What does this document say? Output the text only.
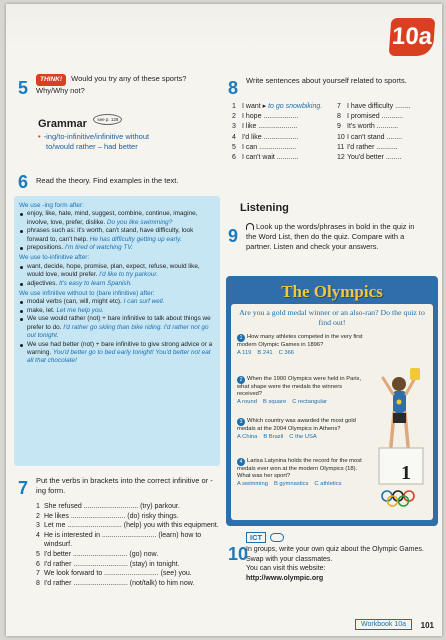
10a
5	THINK! Would you try any of these sports? Why/Why not?
Grammar see p. 128
• -ing/to-infinitive/infinitive without
to/would rather – had better
6 Read the theory. Find examples in the text.
We use -ing form after:
enjoy, like, hate, mind, suggest, combine, continue, imagine, involve, love, prefer, dislike. Do you like swimming?
phrases such as: it's worth, can't stand, have difficulty, look forward to, can't help. He has difficulty getting up early.
prepositions. I'm tired of watching TV.
We use to-infinitive after:
want, decide, hope, promise, plan, expect, refuse, would like, would love, would prefer. I'd like to try parkour.
adjectives. It's easy to learn Spanish.
We use infinitive without to (bare infinitive) after:
modal verbs (can, will, might etc). I can surf well.
make, let. Let me help you.
We use would rather (not) + bare infinitive to talk about things we prefer to do. I'd rather go skiing than bike riding. I'd rather not go out tonight.
We use had better (not) + bare infinitive to give strong advice or a warning. You'd better go to bed early tonight! You'd better not eat all that chocolate!
7 Put the verbs in brackets into the correct infinitive or -ing form.
1 She refused ............................ (try) parkour.
2 He likes ............................ (do) risky things.
3 Let me ............................ (help) you with this equipment.
4 He is interested in ............................ (learn) how to windsurf.
5 I'd better ............................ (go) now.
6 I'd rather ............................ (stay) in tonight.
7 We look forward to ............................ (see) you.
8 I'd rather ............................ (not/talk) to him now.
8 Write sentences about yourself related to sports.
1 I want ▸ to go snowbiking.
2 I hope ..................
3 I like ....................
4 I'd like ..................
5 I can ...................
6 I can't wait ...........
7 I have difficulty ........
8 I promised ...........
9 It's worth ...........
10 I can't stand ........
11 I'd rather ...........
12 You'd better ........
Listening
9	Look up the words/phrases in bold in the quiz in the Word List, then do the quiz. Compare with a partner. Listen and check your answers.
The Olympics
Are you a gold medal winner or an also-ran? Do the quiz to find out!
1 How many athletes competed in the very first modern Olympic Games in 1896?
A 119 B 241 C 366
2 When the 1900 Olympics were held in Paris, what shape were the medals the winners received?
A round B square C rectangular
3 Which country was awarded the most gold medals at the 2004 Olympics in Athens?
A China B Brazil C the USA
4 Larisa Latynina holds the record for the most medals ever won at the modern Olympics (18). What was her sport?
A swimming B gymnastics C athletics	1
10
ICT
In groups, write your own quiz about the Olympic Games. Swap with your classmates.
You can visit this website:
http://www.olympic.org
Workbook 10a	101
